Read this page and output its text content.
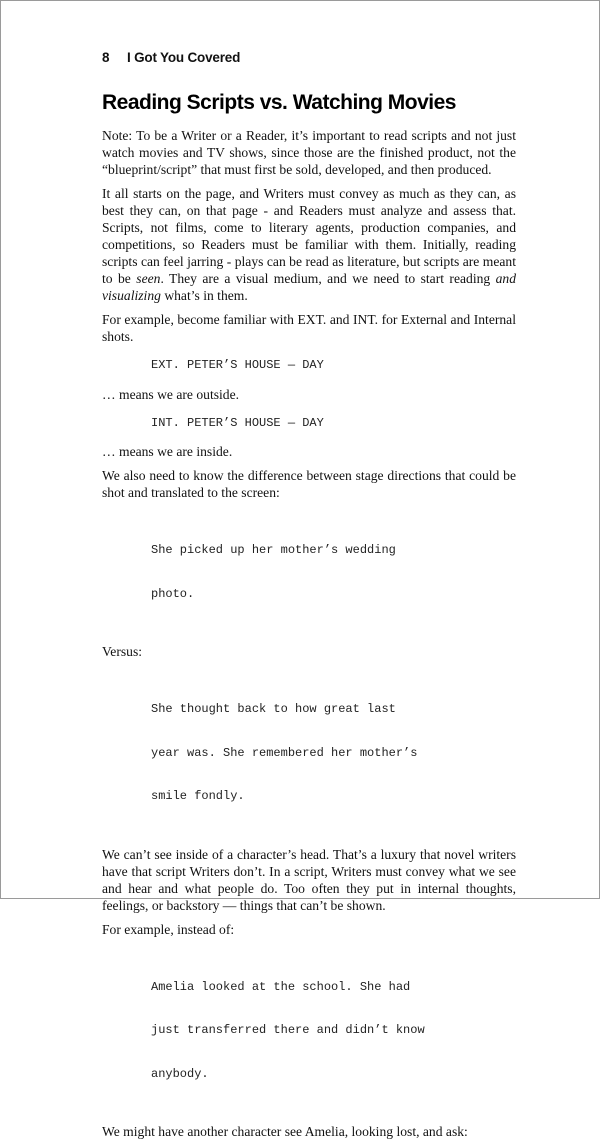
8 I Got You Covered
Reading Scripts vs. Watching Movies

Note: To be a Writer or a Reader, it’s important to read scripts and not just watch movies and TV shows, since those are the finished product, not the “blueprint/script” that must first be sold, developed, and then produced.

It all starts on the page, and Writers must convey as much as they can, as best they can, on that page - and Readers must analyze and assess that. Scripts, not films, come to literary agents, production companies, and competitions, so Readers must be familiar with them. Initially, reading scripts can feel jarring - plays can be read as literature, but scripts are meant to be seen. They are a visual medium, and we need to start reading and visualizing what’s in them.

For example, become familiar with EXT. and INT. for External and Internal shots.

EXT. PETER’S HOUSE — DAY

… means we are outside.

INT. PETER’S HOUSE — DAY

… means we are inside.

We also need to know the difference between stage directions that could be shot and translated to the screen:

She picked up her mother’s wedding

photo.

Versus:

She thought back to how great last

year was. She remembered her mother’s

smile fondly.

We can’t see inside of a character’s head. That’s a luxury that novel writers have that script Writers don’t. In a script, Writers must convey what we see and hear and what people do. Too often they put in internal thoughts, feelings, or backstory — things that can’t be shown.

For example, instead of:

Amelia looked at the school. She had

just transferred there and didn’t know

anybody.

We might have another character see Amelia, looking lost, and ask:
